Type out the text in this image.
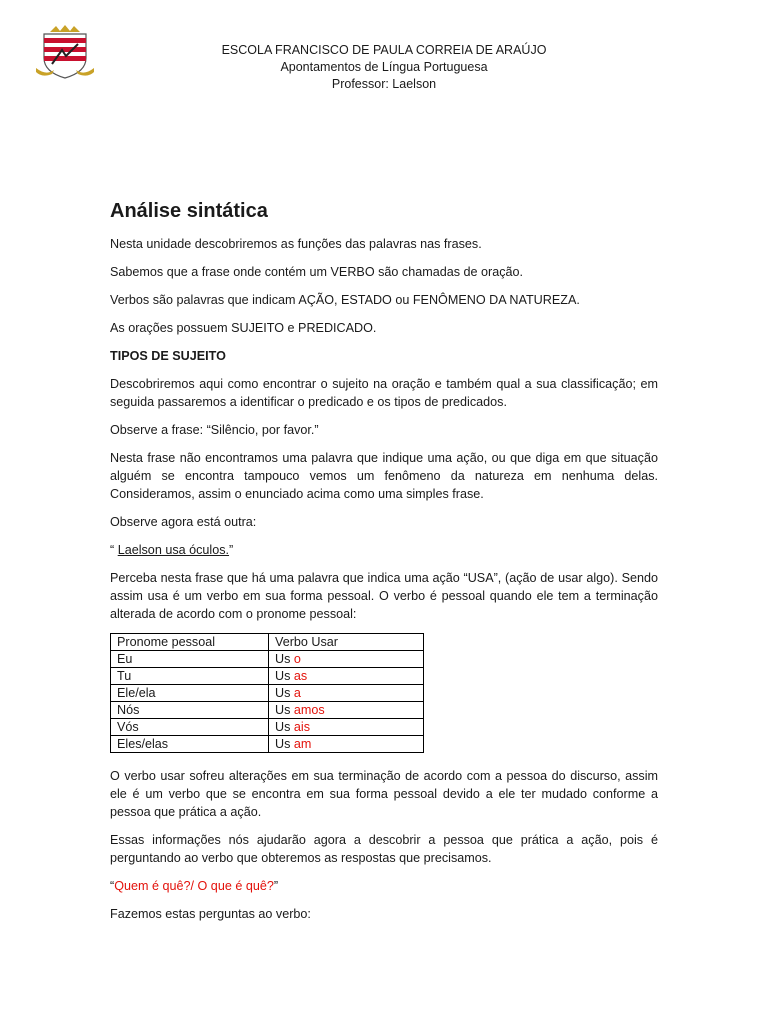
ESCOLA FRANCISCO DE PAULA CORREIA DE ARAÚJO
Apontamentos de Língua Portuguesa
Professor: Laelson
Análise sintática

Nesta unidade descobriremos as funções das palavras nas frases.

Sabemos que a frase onde contém um VERBO são chamadas de oração.

Verbos são palavras que indicam AÇÃO, ESTADO ou FENÔMENO DA NATUREZA.

As orações possuem SUJEITO e PREDICADO.

TIPOS DE SUJEITO

Descobriremos aqui como encontrar o sujeito na oração e também qual a sua classificação; em seguida passaremos a identificar o predicado e os tipos de predicados.

Observe a frase: “Silêncio, por favor.”

Nesta frase não encontramos uma palavra que indique uma ação, ou que diga em que situação alguém se encontra tampouco vemos um fenômeno da natureza em nenhuma delas. Consideramos, assim o enunciado acima como uma simples frase.

Observe agora está outra:

“ Laelson usa óculos.”

Perceba nesta frase que há uma palavra que indica uma ação “USA”, (ação de usar algo). Sendo assim usa é um verbo em sua forma pessoal. O verbo é pessoal quando ele tem a terminação alterada de acordo com o pronome pessoal:

Pronome pessoal	Verbo Usar
Eu	Us o
Tu	Us as
Ele/ela	Us a
Nós	Us amos
Vós	Us ais
Eles/elas	Us am

O verbo usar sofreu alterações em sua terminação de acordo com a pessoa do discurso, assim ele é um verbo que se encontra em sua forma pessoal devido a ele ter mudado conforme a pessoa que prática a ação.

Essas informações nós ajudarão agora a descobrir a pessoa que prática a ação, pois é perguntando ao verbo que obteremos as respostas que precisamos.

“Quem é quê?/ O que é quê?”

Fazemos estas perguntas ao verbo:
